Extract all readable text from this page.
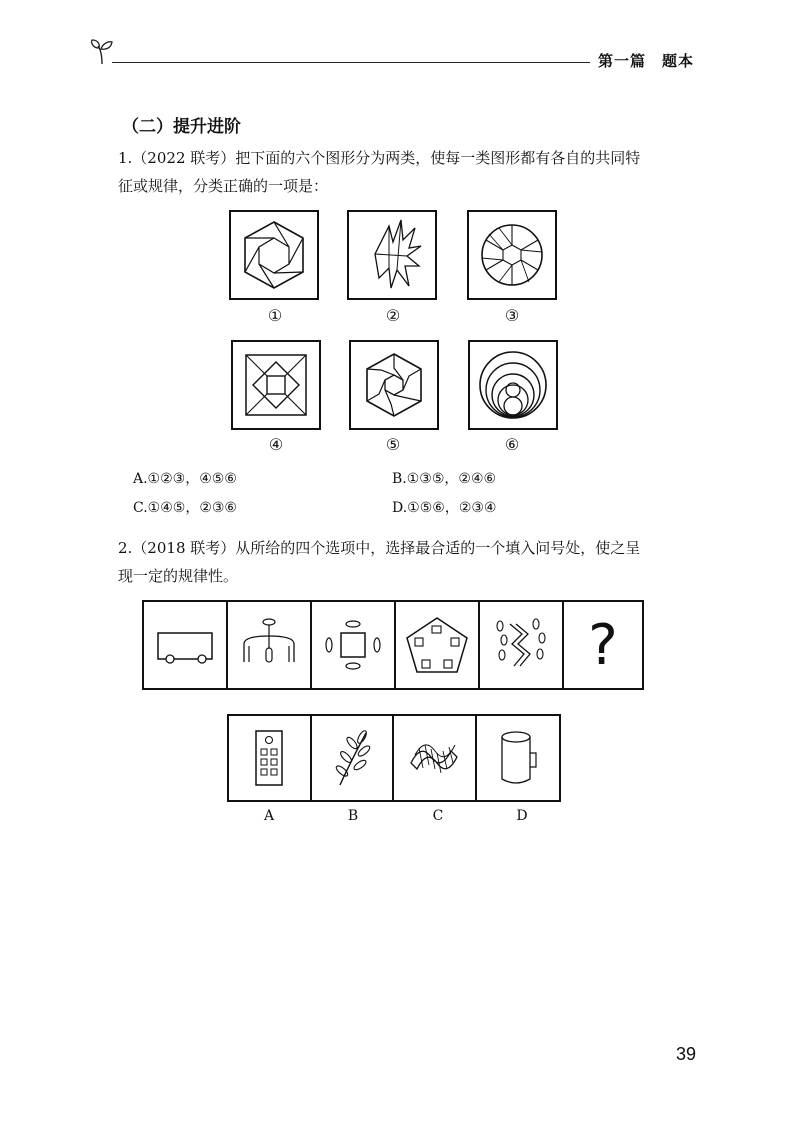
第一篇　题本
（二）提升进阶
1.（2022 联考）把下面的六个图形分为两类，使每一类图形都有各自的共同特
征或规律，分类正确的一项是：
①	②	③
④	⑤	⑥
A.①②③，④⑤⑥	B.①③⑤，②④⑥
C.①④⑤，②③⑥	D.①⑤⑥，②③④
2.（2018 联考）从所给的四个选项中，选择最合适的一个填入问号处，使之呈
现一定的规律性。
?
A	B	C	D
39
